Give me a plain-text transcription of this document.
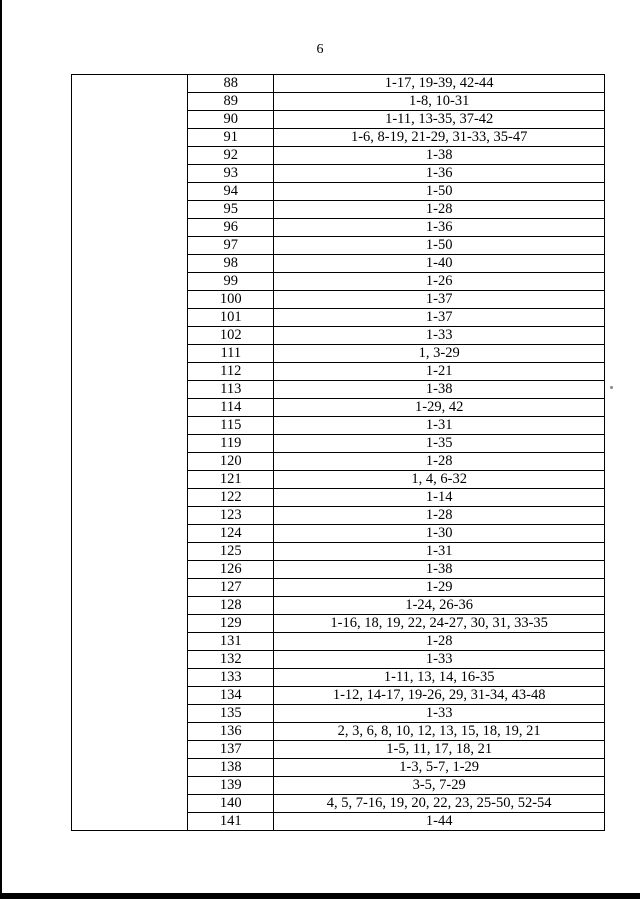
6
	88	1-17, 19-39, 42-44
	89	1-8, 10-31
	90	1-11, 13-35, 37-42
	91	1-6, 8-19, 21-29, 31-33, 35-47
	92	1-38
	93	1-36
	94	1-50
	95	1-28
	96	1-36
	97	1-50
	98	1-40
	99	1-26
	100	1-37
	101	1-37
	102	1-33
	111	1, 3-29
	112	1-21
	113	1-38
	114	1-29, 42
	115	1-31
	119	1-35
	120	1-28
	121	1, 4, 6-32
	122	1-14
	123	1-28
	124	1-30
	125	1-31
	126	1-38
	127	1-29
	128	1-24, 26-36
	129	1-16, 18, 19, 22, 24-27, 30, 31, 33-35
	131	1-28
	132	1-33
	133	1-11, 13, 14, 16-35
	134	1-12, 14-17, 19-26, 29, 31-34, 43-48
	135	1-33
	136	2, 3, 6, 8, 10, 12, 13, 15, 18, 19, 21
	137	1-5, 11, 17, 18, 21
	138	1-3, 5-7, 1-29
	139	3-5, 7-29
	140	4, 5, 7-16, 19, 20, 22, 23, 25-50, 52-54
	141	1-44
